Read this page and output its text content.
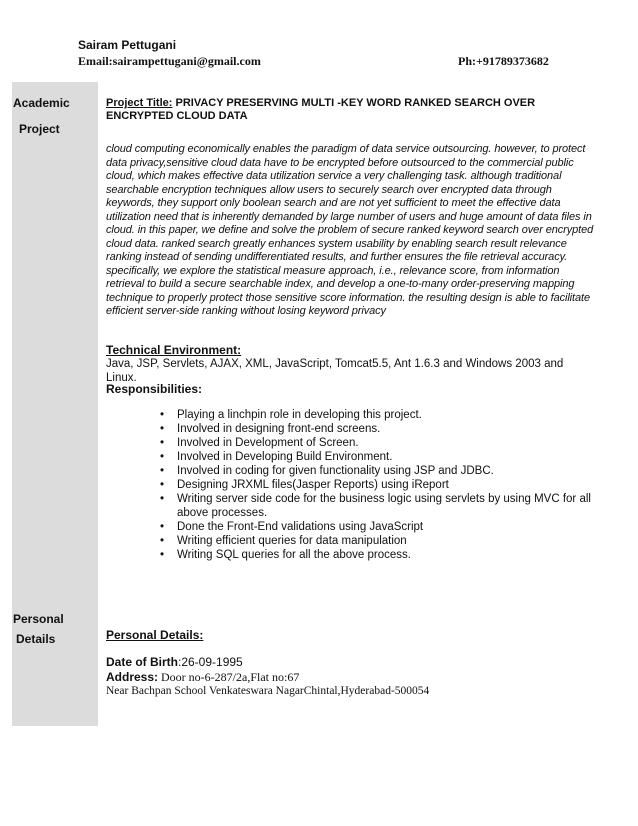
Sairam Pettugani
Email:sairampettugani@gmail.com	Ph:+91789373682
Academic
Project
Personal
Details
Project Title: PRIVACY PRESERVING MULTI -KEY WORD RANKED SEARCH OVER ENCRYPTED CLOUD DATA
cloud computing economically enables the paradigm of data service outsourcing. however, to protect data privacy,sensitive cloud data have to be encrypted before outsourced to the commercial public cloud, which makes effective data utilization service a very challenging task. although traditional searchable encryption techniques allow users to securely search over encrypted data through keywords, they support only boolean search and are not yet sufficient to meet the effective data utilization need that is inherently demanded by large number of users and huge amount of data files in cloud. in this paper, we define and solve the problem of secure ranked keyword search over encrypted cloud data. ranked search greatly enhances system usability by enabling search result relevance ranking instead of sending undifferentiated results, and further ensures the file retrieval accuracy. specifically, we explore the statistical measure approach, i.e., relevance score, from information retrieval to build a secure searchable index, and develop a one-to-many order-preserving mapping technique to properly protect those sensitive score information. the resulting design is able to facilitate efficient server-side ranking without losing keyword privacy
Technical Environment:
Java, JSP, Servlets, AJAX, XML, JavaScript, Tomcat5.5, Ant 1.6.3 and Windows 2003 and Linux.
Responsibilities:
• Playing a linchpin role in developing this project.
• Involved in designing front-end screens.
• Involved in Development of Screen.
• Involved in Developing Build Environment.
• Involved in coding for given functionality using JSP and JDBC.
• Designing JRXML files(Jasper Reports) using iReport
• Writing server side code for the business logic using servlets by using MVC for all above processes.
• Done the Front-End validations using JavaScript
• Writing efficient queries for data manipulation
• Writing SQL queries for all the above process.
Personal Details:
Date of Birth:26-09-1995
Address: Door no-6-287/2a,Flat no:67
Near Bachpan School Venkateswara NagarChintal,Hyderabad-500054
